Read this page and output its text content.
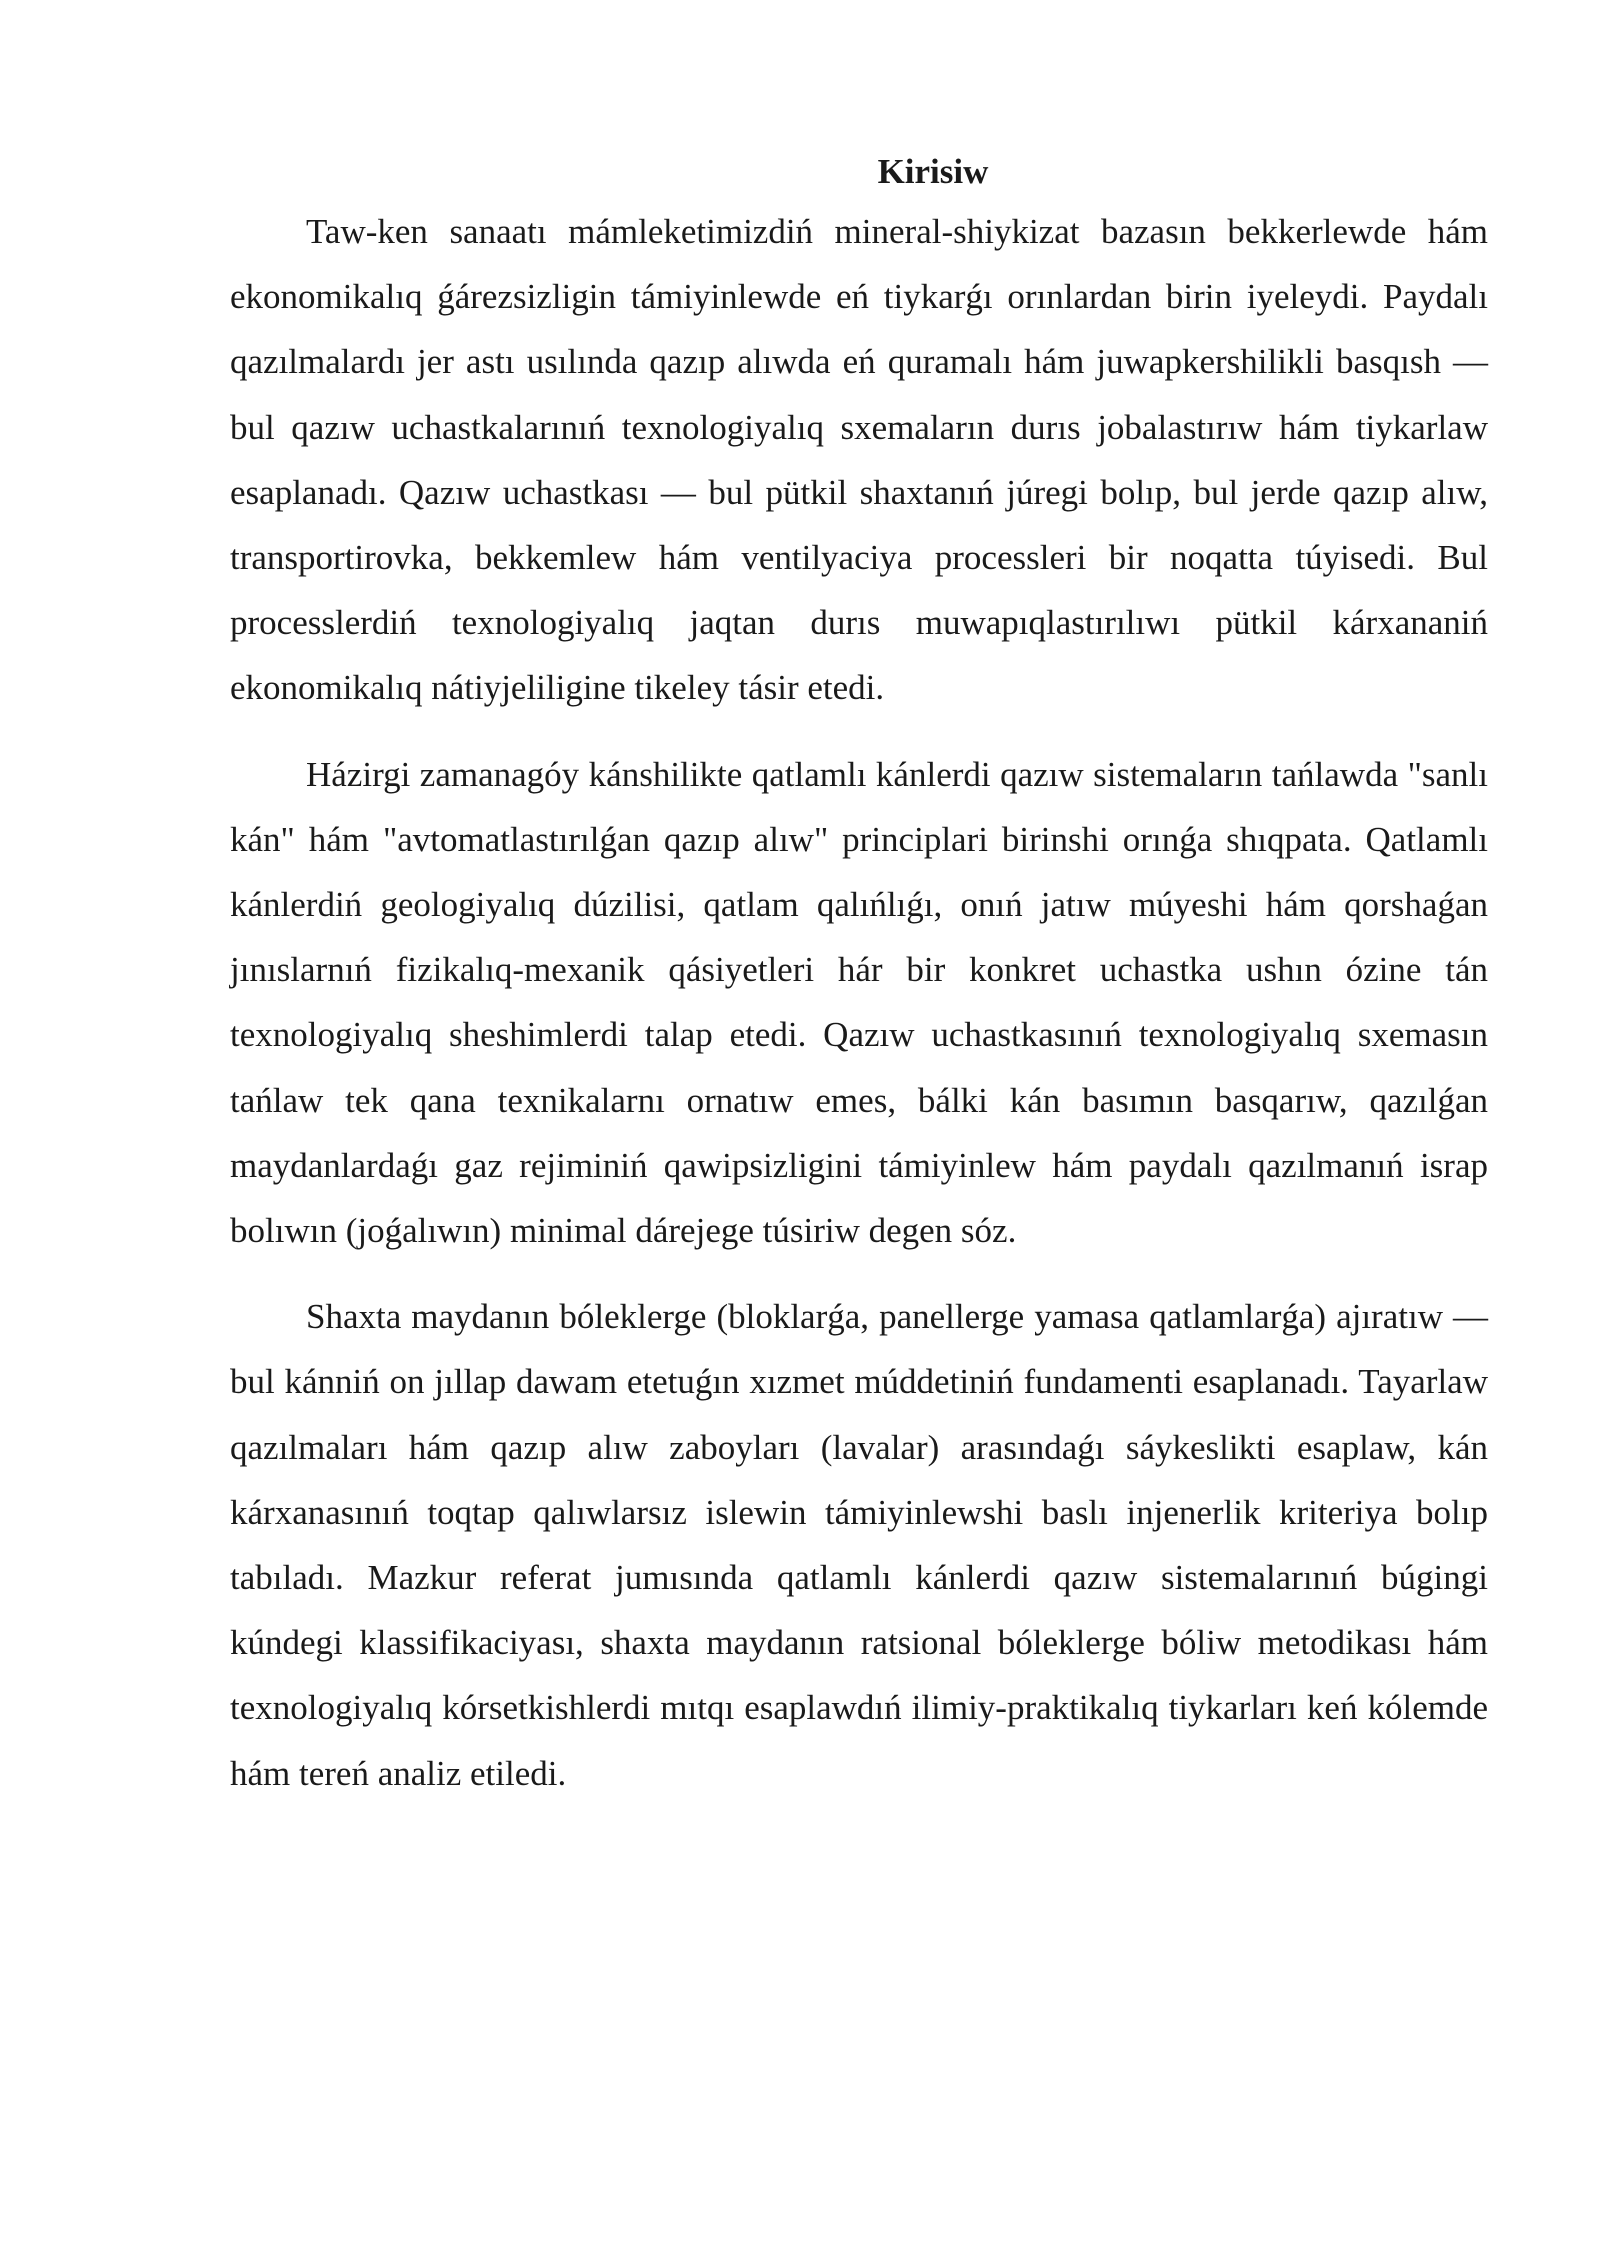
Kirisiw

Taw-ken sanaatı mámleketimizdiń mineral-shiykizat bazasın bekkerlewde hám ekonomikalıq ǵárezsizligin támiyinlewde eń tiykarǵı orınlardan birin iyeleydi. Paydalı qazılmalardı jer astı usılında qazıp alıwda eń quramalı hám juwapkershilikli basqısh — bul qazıw uchastkalarınıń texnologiyalıq sxemaların durıs jobalastırıw hám tiykarlaw esaplanadı. Qazıw uchastkası — bul pütkil shaxtanıń júregi bolıp, bul jerde qazıp alıw, transportirovka, bekkemlew hám ventilyaciya processleri bir noqatta túyisedi. Bul processlerdiń texnologiyalıq jaqtan durıs muwapıqlastırılıwı pütkil kárxananiń ekonomikalıq nátiyjeliligine tikeley tásir etedi.

Házirgi zamanagóy kánshilikte qatlamlı kánlerdi qazıw sistemaların tańlawda "sanlı kán" hám "avtomatlastırılǵan qazıp alıw" principlari birinshi orınǵa shıqpata. Qatlamlı kánlerdiń geologiyalıq dúzilisi, qatlam qalıńlıǵı, onıń jatıw múyeshi hám qorshaǵan jınıslarnıń fizikalıq-mexanik qásiyetleri hár bir konkret uchastka ushın ózine tán texnologiyalıq sheshimlerdi talap etedi. Qazıw uchastkasınıń texnologiyalıq sxemasın tańlaw tek qana texnikalarnı ornatıw emes, bálki kán basımın basqarıw, qazılǵan maydanlardaǵı gaz rejiminiń qawipsizligini támiyinlew hám paydalı qazılmanıń israp bolıwın (joǵalıwın) minimal dárejege túsiriw degen sóz.

Shaxta maydanın bóleklerge (bloklarǵa, panellerge yamasa qatlamlarǵa) ajıratıw — bul kánniń on jıllap dawam etetuǵın xızmet múddetiniń fundamenti esaplanadı. Tayarlaw qazılmaları hám qazıp alıw zaboyları (lavalar) arasındaǵı sáykeslikti esaplaw, kán kárxanasınıń toqtap qalıwlarsız islewin támiyinlewshi baslı injenerlik kriteriya bolıp tabıladı. Mazkur referat jumısında qatlamlı kánlerdi qazıw sistemalarınıń búgingi kúndegi klassifikaciyası, shaxta maydanın ratsional bóleklerge bóliw metodikası hám texnologiyalıq kórsetkishlerdi mıtqı esaplawdıń ilimiy-praktikalıq tiykarları keń kólemde hám tereń analiz etiledi.
